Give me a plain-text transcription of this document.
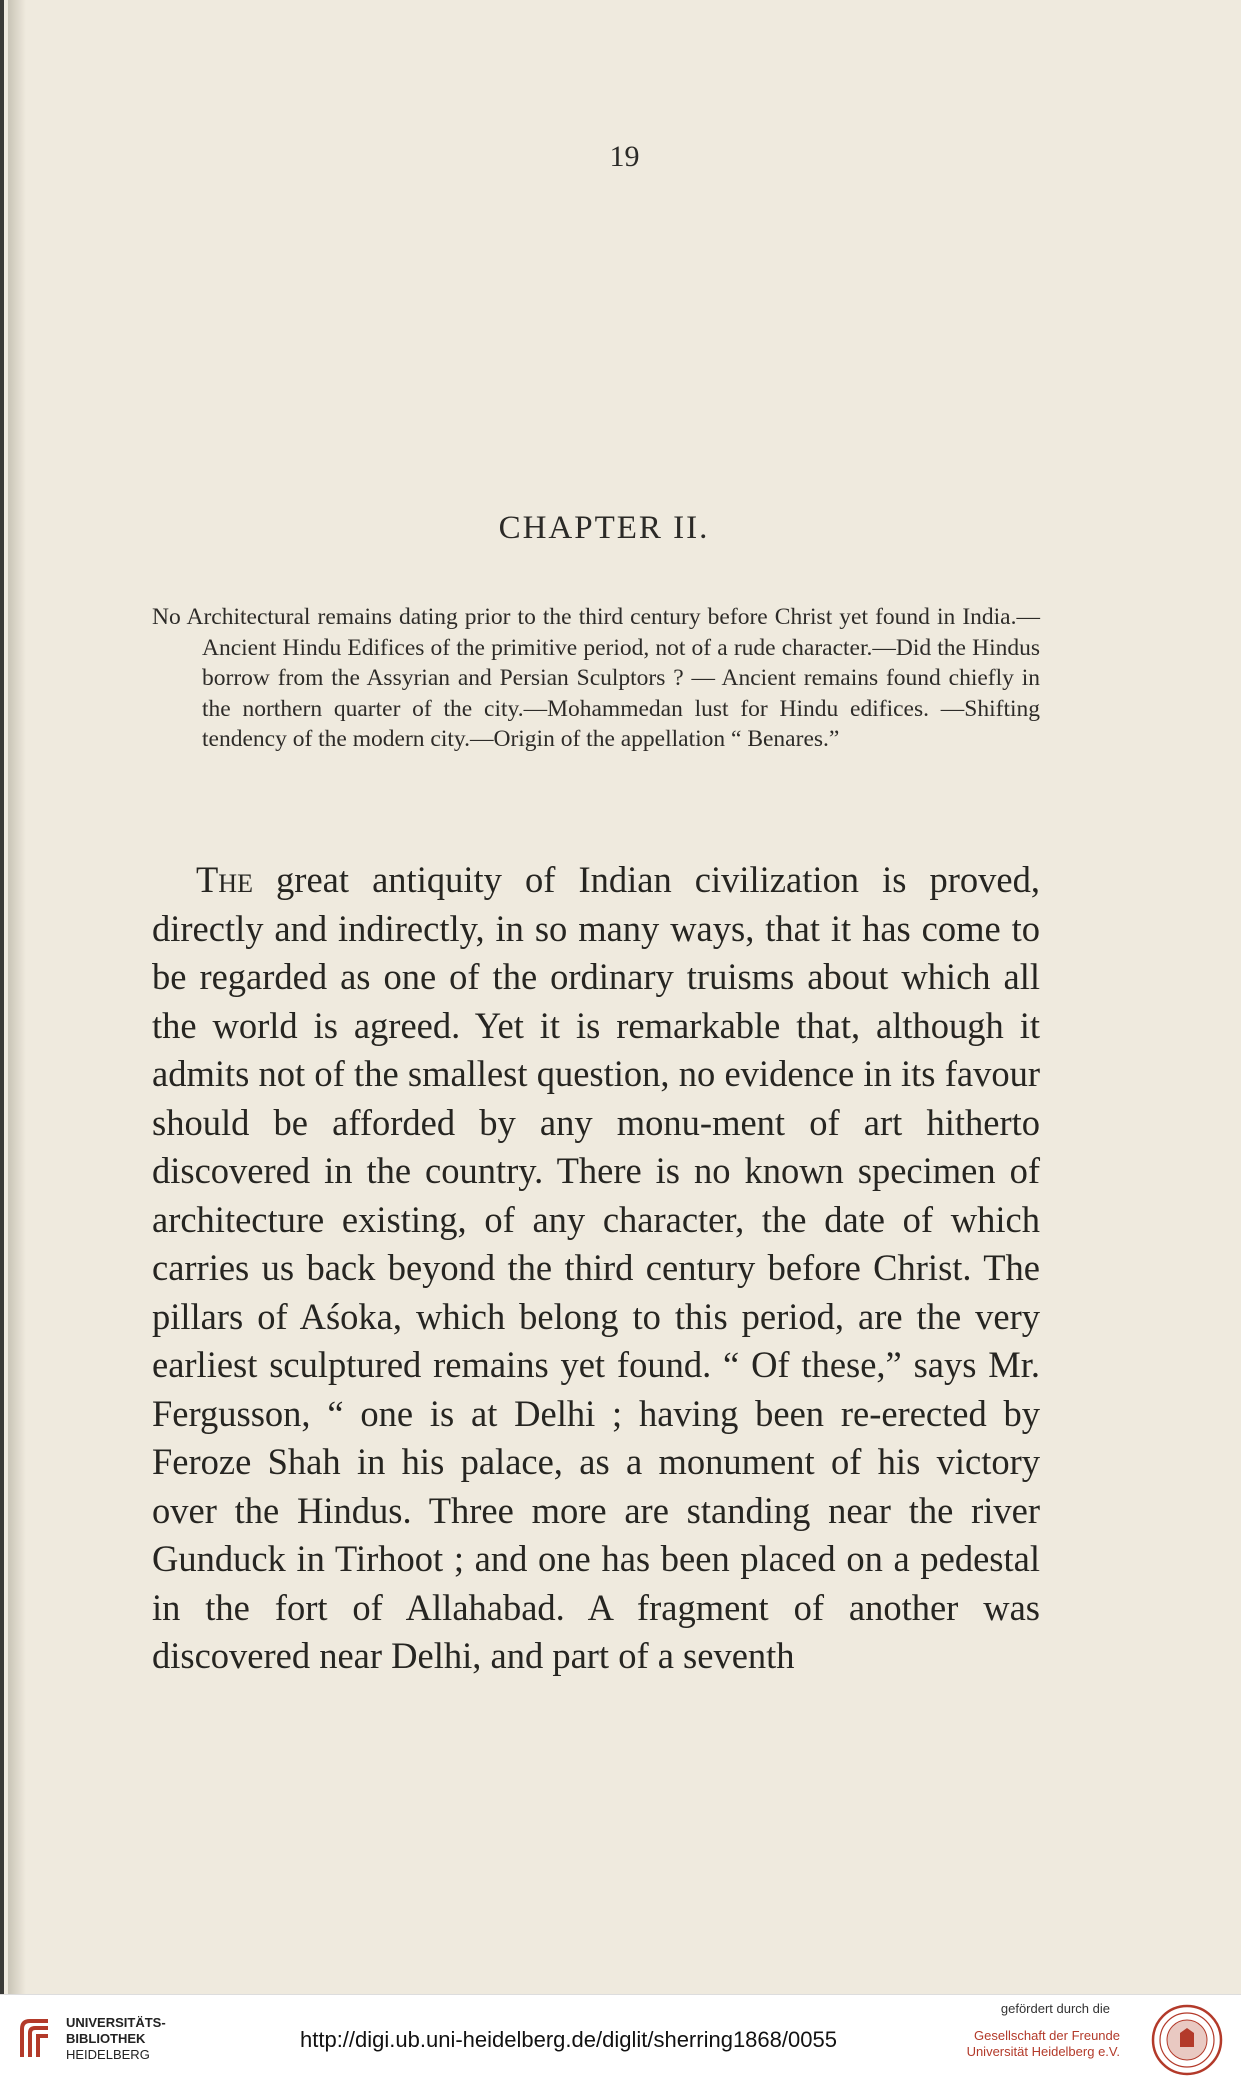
19
CHAPTER II.

No Architectural remains dating prior to the third century before Christ yet found in India.—Ancient Hindu Edifices of the primitive period, not of a rude character.—Did the Hindus borrow from the Assyrian and Persian Sculptors ? — Ancient remains found chiefly in the northern quarter of the city.—Mohammedan lust for Hindu edifices. —Shifting tendency of the modern city.—Origin of the appellation “ Benares.”

The great antiquity of Indian civilization is proved, directly and indirectly, in so many ways, that it has come to be regarded as one of the ordinary truisms about which all the world is agreed. Yet it is remarkable that, although it admits not of the smallest question, no evidence in its favour should be afforded by any monu-ment of art hitherto discovered in the country. There is no known specimen of architecture existing, of any character, the date of which carries us back beyond the third century before Christ. The pillars of Aśoka, which belong to this period, are the very earliest sculptured remains yet found. “ Of these,” says Mr. Fergusson, “ one is at Delhi ; having been re-erected by Feroze Shah in his palace, as a monument of his victory over the Hindus. Three more are standing near the river Gunduck in Tirhoot ; and one has been placed on a pedestal in the fort of Allahabad. A fragment of another was discovered near Delhi, and part of a seventh

UNIVERSITÄTS-
BIBLIOTHEK
HEIDELBERG
http://digi.ub.uni-heidelberg.de/diglit/sherring1868/0055
gefördert durch die
Gesellschaft der Freunde
Universität Heidelberg e.V.
